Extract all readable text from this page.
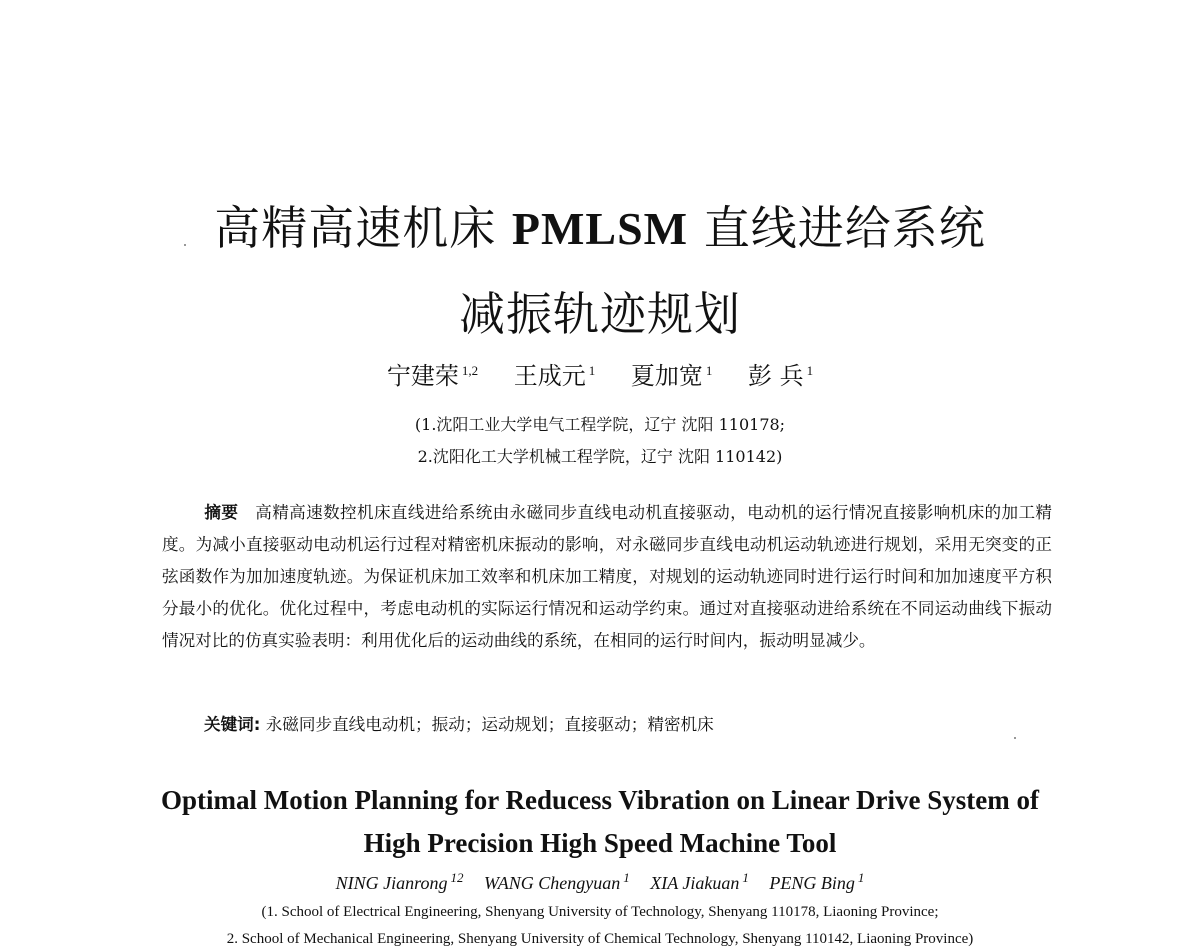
高精高速机床 PMLSM 直线进给系统
减振轨迹规划
宁建荣 $^{1,2}$ 王成元 $^1$ 夏加宽 $^1$ 彭 兵 $^1$
(1.沈阳工业大学电气工程学院，辽宁 沈阳 110178;
2.沈阳化工大学机械工程学院，辽宁 沈阳 110142)
摘要 高精高速数控机床直线进给系统由永磁同步直线电动机直接驱动，电动机的运行情况直接影响机床的加工精度。为减小直接驱动电动机运行过程对精密机床振动的影响，对永磁同步直线电动机运动轨迹进行规划，采用无突变的正弦函数作为加加速度轨迹。为保证机床加工效率和机床加工精度，对规划的运动轨迹同时进行运行时间和加加速度平方积分最小的优化。优化过程中，考虑电动机的实际运行情况和运动学约束。通过对直接驱动进给系统在不同运动曲线下振动情况对比的仿真实验表明：利用优化后的运动曲线的系统，在相同的运行时间内，振动明显减少。
关键词: 永磁同步直线电动机；振动；运动规划；直接驱动；精密机床
Optimal Motion Planning for Reducess Vibration on Linear Drive System of
High Precision High Speed Machine Tool
NING Jianrong $^{12}$ WANG Chengyuan $^1$ XIA Jiakuan $^1$ PENG Bing $^1$
(1. School of Electrical Engineering, Shenyang University of Technology, Shenyang 110178, Liaoning Province;
2. School of Mechanical Engineering, Shenyang University of Chemical Technology, Shenyang 110142, Liaoning Province)
